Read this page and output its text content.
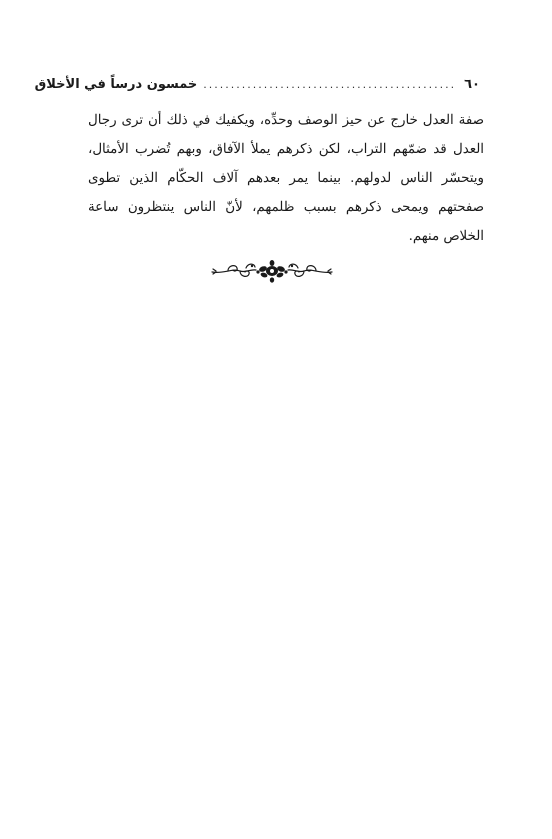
٦٠
..............................................
خمسون درساً في الأخلاق

صفة العدل خارج عن حيز الوصف وحدِّه، ويكفيك في ذلك أن ترى رجال العدل قد ضمّهم التراب، لكن ذكرهم يملأ الآفاق، وبهم تُضرب الأمثال، ويتحسّر الناس لدولهم. بينما يمر بعدهم آلاف الحكّام الذين تطوى صفحتهم ويمحى ذكرهم بسبب ظلمهم، لأنّ الناس ينتظرون ساعة الخلاص منهم.
